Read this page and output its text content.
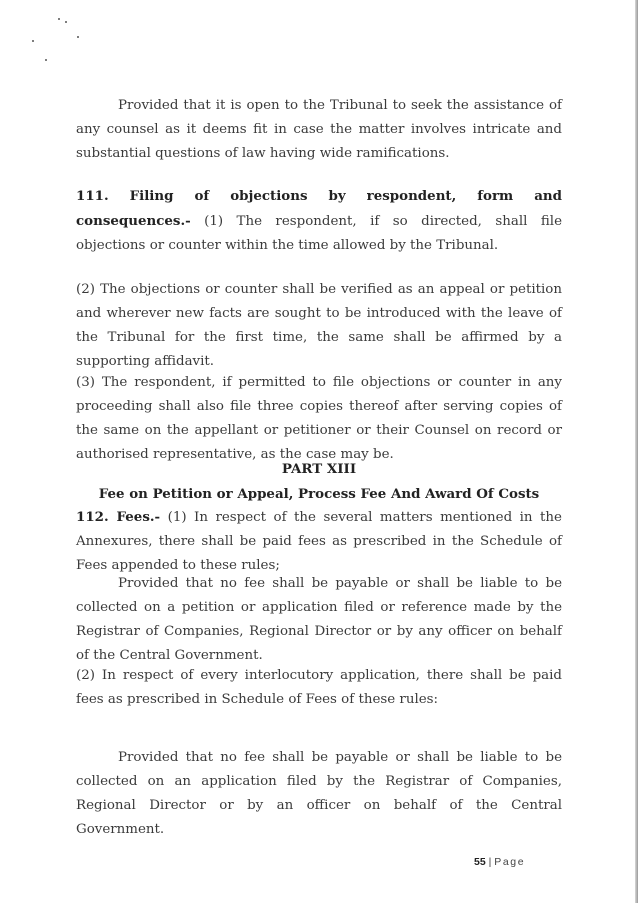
Provided that it is open to the Tribunal to seek the assistance of any counsel as it deems fit in case the matter involves intricate and substantial questions of law having wide ramifications.
111. Filing of objections by respondent, form and consequences.- (1) The respondent, if so directed, shall file objections or counter within the time allowed by the Tribunal.
(2) The objections or counter shall be verified as an appeal or petition and wherever new facts are sought to be introduced with the leave of the Tribunal for the first time, the same shall be affirmed by a supporting affidavit.
(3) The respondent, if permitted to file objections or counter in any proceeding shall also file three copies thereof after serving copies of the same on the appellant or petitioner or their Counsel on record or authorised representative, as the case may be.
PART XIII
Fee on Petition or Appeal, Process Fee And Award Of Costs
112. Fees.- (1) In respect of the several matters mentioned in the Annexures, there shall be paid fees as prescribed in the Schedule of Fees appended to these rules;
Provided that no fee shall be payable or shall be liable to be collected on a petition or application filed or reference made by the Registrar of Companies, Regional Director or by any officer on behalf of the Central Government.
(2) In respect of every interlocutory application, there shall be paid fees as prescribed in Schedule of Fees of these rules:
Provided that no fee shall be payable or shall be liable to be collected on an application filed by the Registrar of Companies, Regional Director or by an officer on behalf of the Central Government.
55 | Page
